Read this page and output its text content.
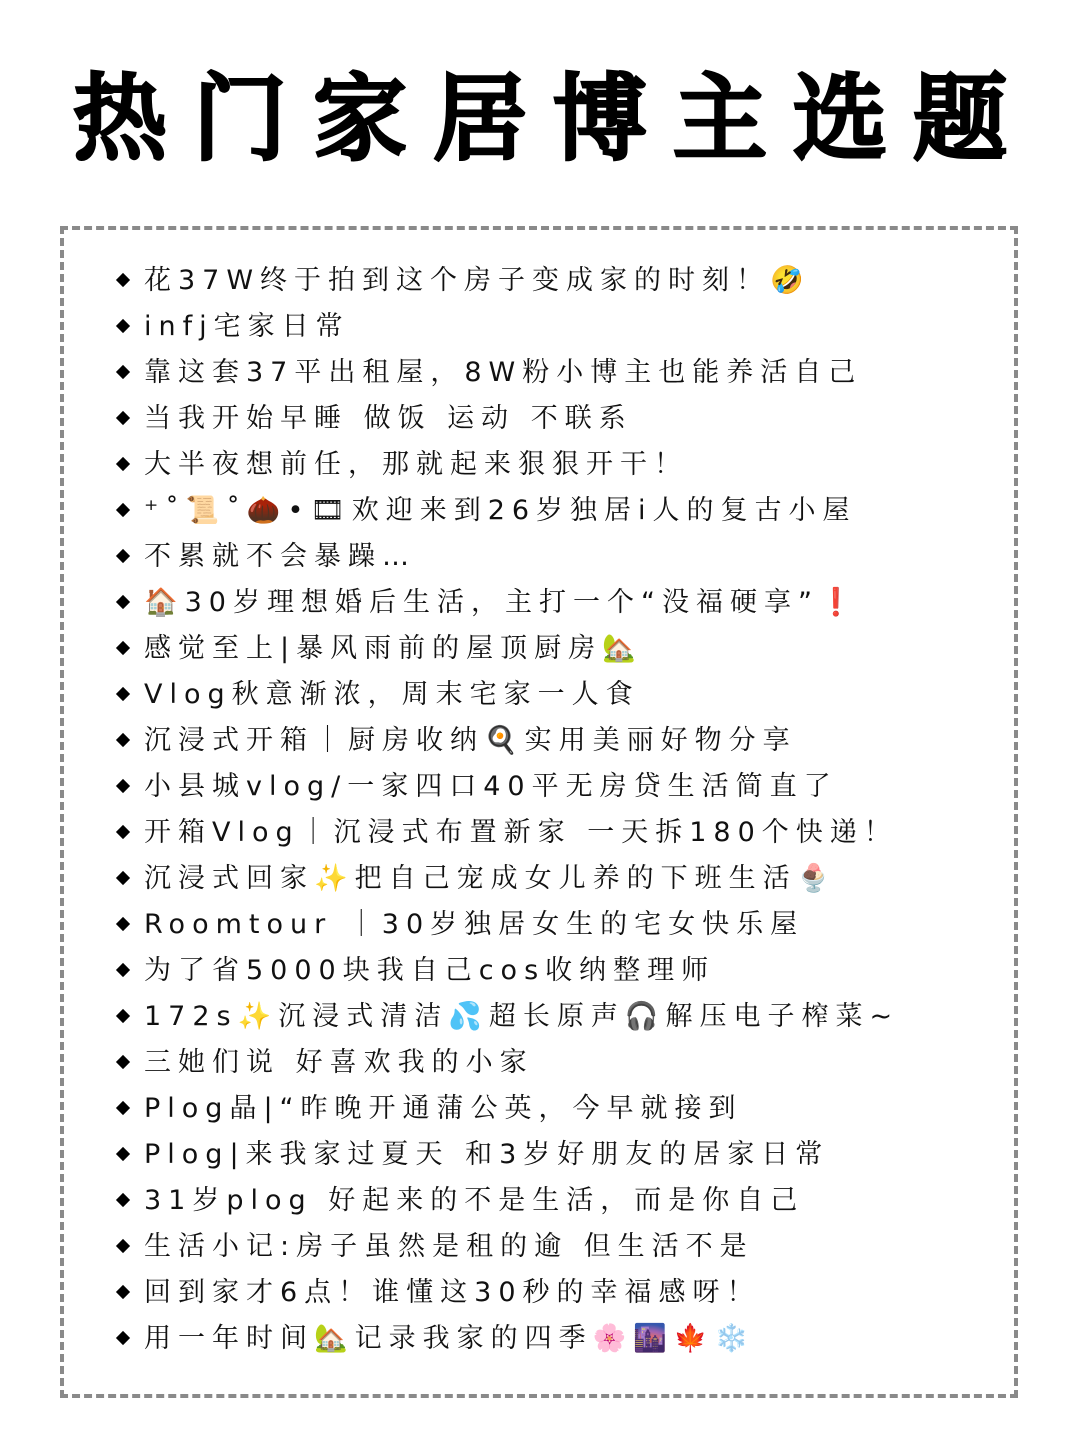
热门家居博主选题
花37W终于拍到这个房子变成家的时刻！🤣
infj宅家日常
靠这套37平出租屋，8W粉小博主也能养活自己
当我开始早睡 做饭 运动 不联系
大半夜想前任，那就起来狠狠开干！
⁺˚📜˚🌰•🎞欢迎来到26岁独居i人的复古小屋
不累就不会暴躁…
🏠30岁理想婚后生活，主打一个“没福硬享”❗
感觉至上|暴风雨前的屋顶厨房🏡
Vlog秋意渐浓，周末宅家一人食
沉浸式开箱｜厨房收纳🍳实用美丽好物分享
小县城vlog/一家四口40平无房贷生活简直了
开箱Vlog｜沉浸式布置新家 一天拆180个快递！
沉浸式回家✨把自己宠成女儿养的下班生活🍨
Roomtour ｜30岁独居女生的宅女快乐屋
为了省5000块我自己cos收纳整理师
172s✨沉浸式清洁💦超长原声🎧解压电子榨菜~
三她们说 好喜欢我的小家
Plog晶|“昨晚开通蒲公英，今早就接到
Plog|来我家过夏天 和3岁好朋友的居家日常
31岁plog 好起来的不是生活，而是你自己
生活小记:房子虽然是租的逾 但生活不是
回到家才6点！谁懂这30秒的幸福感呀！
用一年时间🏡记录我家的四季🌸🌆🍁❄️
